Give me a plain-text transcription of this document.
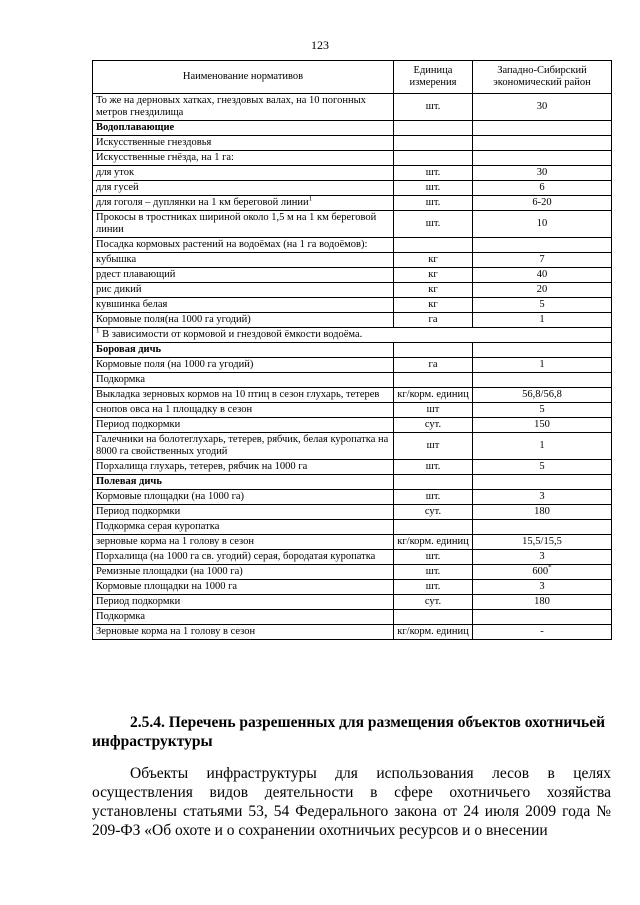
123
Наименование нормативов	Единица измерения	Западно-Сибирский экономический район
То же на дерновых хатках, гнездовых валах, на 10 погонных метров гнездилища	шт.	30
Водоплавающие		
Искусственные гнездовья		
Искусственные гнёзда, на 1 га:		
для уток	шт.	30
для гусей	шт.	6
для гоголя – дуплянки на 1 км береговой линии$^1$	шт.	6-20
Прокосы в тростниках шириной около 1,5 м на 1 км береговой линии	шт.	10
Посадка кормовых растений на водоёмах (на 1 га водоёмов):		
кубышка	кг	7
рдест плавающий	кг	40
рис дикий	кг	20
кувшинка белая	кг	5
Кормовые поля(на 1000 га угодий)	га	1
$^1$ В зависимости от кормовой и гнездовой ёмкости водоёма.		
Боровая дичь		
Кормовые поля (на 1000 га угодий)	га	1
Подкормка		
Выкладка зерновых кормов на 10 птиц в сезон глухарь, тетерев	кг/корм. единиц	56,8/56,8
снопов овса на 1 площадку в сезон	шт	5
Период подкормки	сут.	150
Галечники на болотеглухарь, тетерев, рябчик, белая куропатка на 8000 га свойственных угодий	шт	1
Порхалища глухарь, тетерев, рябчик на 1000 га	шт.	5
Полевая дичь		
Кормовые площадки (на 1000 га)	шт.	3
Период подкормки	сут.	180
Подкормка серая куропатка		
зерновые корма на 1 голову в сезон	кг/корм. единиц	15,5/15,5
Порхалища (на 1000 га св. угодий) серая, бородатая куропатка	шт.	3
Ремизные площадки (на 1000 га)	шт.	600*
Кормовые площадки на 1000 га	шт.	3
Период подкормки	сут.	180
Подкормка		
Зерновые корма на 1 голову в сезон	кг/корм. единиц	-
2.5.4. Перечень разрешенных для размещения объектов охотничьей инфраструктуры
Объекты инфраструктуры для использования лесов в целях осуществления видов деятельности в сфере охотничьего хозяйства установлены статьями 53, 54 Федерального закона от 24 июля 2009 года № 209-ФЗ «Об охоте и о сохранении охотничьих ресурсов и о внесении
